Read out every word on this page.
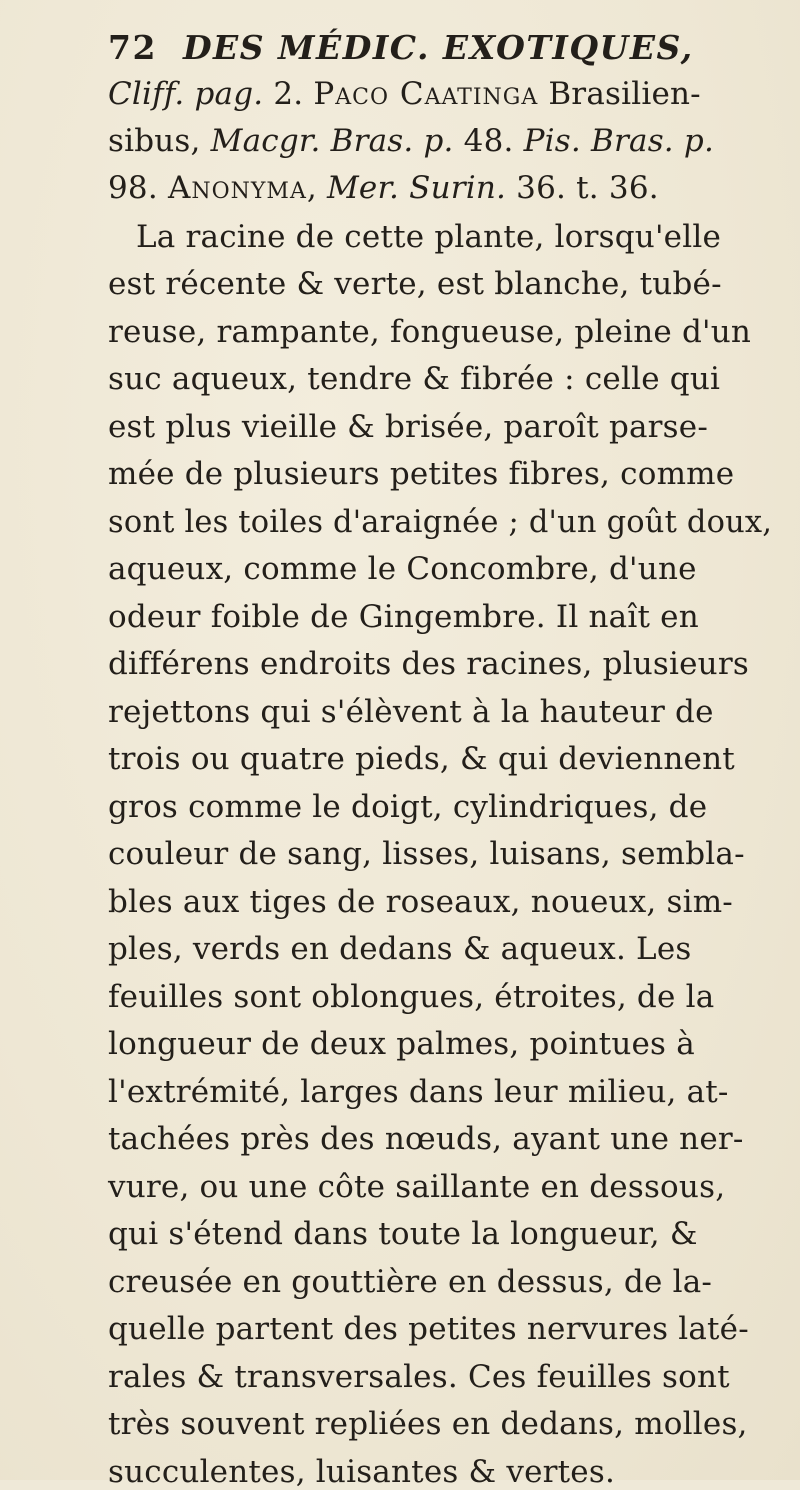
72 DES MÉDIC. EXOTIQUES,
Cliff. pag. 2. Paco Caatinga Brasilien-
sibus, Macgr. Bras. p. 48. Pis. Bras. p.
98. Anonyma, Mer. Surin. 36. t. 36.
La racine de cette plante, lorsqu'elle
est récente & verte, est blanche, tubé-
reuse, rampante, fongueuse, pleine d'un
suc aqueux, tendre & fibrée : celle qui
est plus vieille & brisée, paroît parse-
mée de plusieurs petites fibres, comme
sont les toiles d'araignée ; d'un goût doux,
aqueux, comme le Concombre, d'une
odeur foible de Gingembre. Il naît en
différens endroits des racines, plusieurs
rejettons qui s'élèvent à la hauteur de
trois ou quatre pieds, & qui deviennent
gros comme le doigt, cylindriques, de
couleur de sang, lisses, luisans, sembla-
bles aux tiges de roseaux, noueux, sim-
ples, verds en dedans & aqueux. Les
feuilles sont oblongues, étroites, de la
longueur de deux palmes, pointues à
l'extrémité, larges dans leur milieu, at-
tachées près des nœuds, ayant une ner-
vure, ou une côte saillante en dessous,
qui s'étend dans toute la longueur, &
creusée en gouttière en dessus, de la-
quelle partent des petites nervures laté-
rales & transversales. Ces feuilles sont
très souvent repliées en dedans, molles,
succulentes, luisantes & vertes.
